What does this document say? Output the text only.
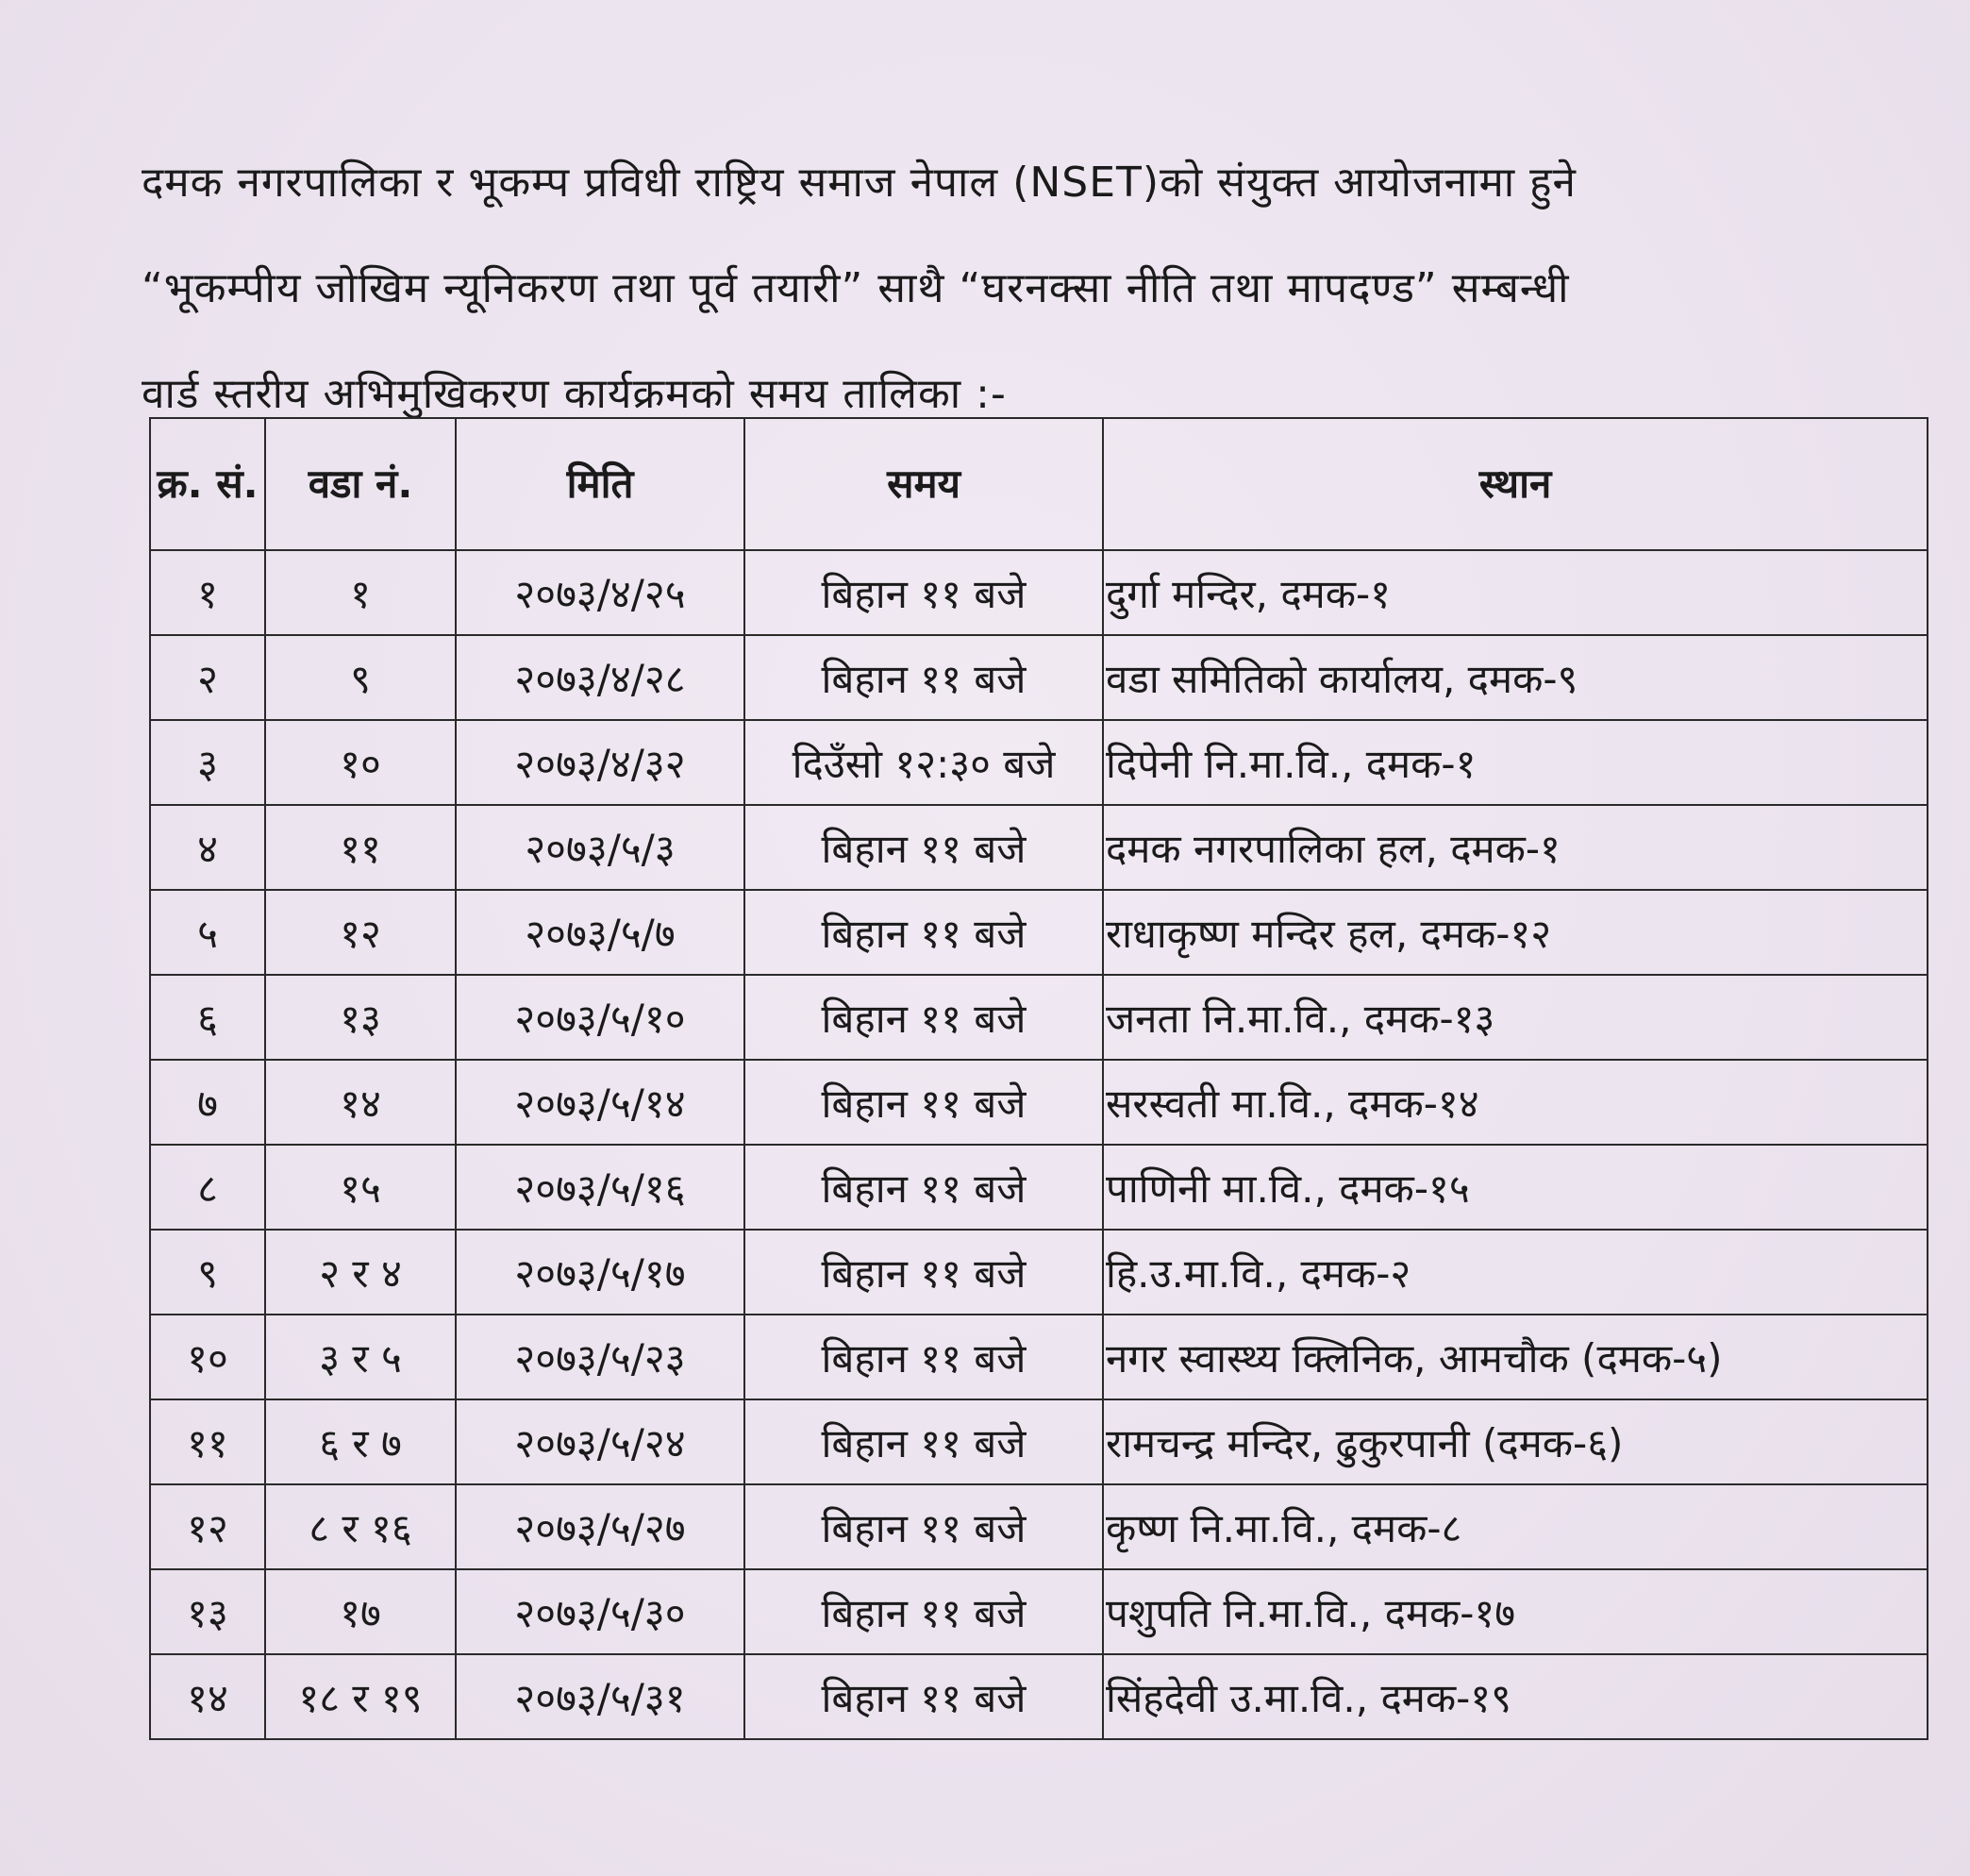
दमक नगरपालिका र भूकम्प प्रविधी राष्ट्रिय समाज नेपाल (NSET)को संयुक्त आयोजनामा हुने

“भूकम्पीय जोखिम न्यूनिकरण तथा पूर्व तयारी” साथै “घरनक्सा नीति तथा मापदण्ड” सम्बन्धी

वार्ड स्तरीय अभिमुखिकरण कार्यक्रमको समय तालिका :-

क्र. सं.	वडा नं.	मिति	समय	स्थान
१	१	२०७३/४/२५	बिहान ११ बजे	दुर्गा मन्दिर, दमक-१
२	९	२०७३/४/२८	बिहान ११ बजे	वडा समितिको कार्यालय, दमक-९
३	१०	२०७३/४/३२	दिउँसो १२:३० बजे	दिपेनी नि.मा.वि., दमक-१
४	११	२०७३/५/३	बिहान ११ बजे	दमक नगरपालिका हल, दमक-१
५	१२	२०७३/५/७	बिहान ११ बजे	राधाकृष्ण मन्दिर हल, दमक-१२
६	१३	२०७३/५/१०	बिहान ११ बजे	जनता नि.मा.वि., दमक-१३
७	१४	२०७३/५/१४	बिहान ११ बजे	सरस्वती मा.वि., दमक-१४
८	१५	२०७३/५/१६	बिहान ११ बजे	पाणिनी मा.वि., दमक-१५
९	२ र ४	२०७३/५/१७	बिहान ११ बजे	हि.उ.मा.वि., दमक-२
१०	३ र ५	२०७३/५/२३	बिहान ११ बजे	नगर स्वास्थ्य क्लिनिक, आमचौक (दमक-५)
११	६ र ७	२०७३/५/२४	बिहान ११ बजे	रामचन्द्र मन्दिर, ढुकुरपानी (दमक-६)
१२	८ र १६	२०७३/५/२७	बिहान ११ बजे	कृष्ण नि.मा.वि., दमक-८
१३	१७	२०७३/५/३०	बिहान ११ बजे	पशुपति नि.मा.वि., दमक-१७
१४	१८ र १९	२०७३/५/३१	बिहान ११ बजे	सिंहदेवी उ.मा.वि., दमक-१९
